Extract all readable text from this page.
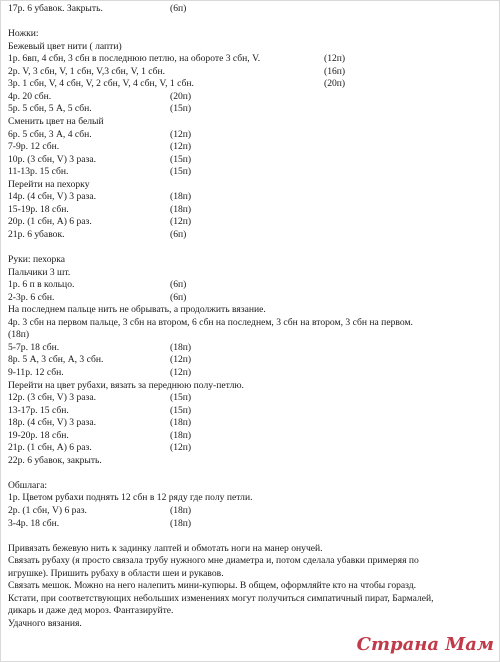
17р. 6 убавок. Закрыть.	(6п)
Ножки:
Бежевый цвет нити ( лапти)
1р. 6вп, 4 сбн, 3 сбн в последнюю петлю, на обороте 3 сбн, V.	(12п)
2р. V, 3 сбн, V, 1 сбн, V,3 сбн, V, 1 сбн.	(16п)
3р. 1 сбн, V, 4 сбн, V, 2 сбн, V, 4 сбн, V, 1 сбн.	(20п)
4р. 20 сбн.	(20п)
5р. 5 сбн, 5 А, 5 сбн.	(15п)
Сменить цвет на белый
6р. 5 сбн, 3 А, 4 сбн.	(12п)
7-9р. 12 сбн.	(12п)
10р. (3 сбн, V) 3 раза.	(15п)
11-13р. 15 сбн.	(15п)
Перейти на пехорку
14р. (4 сбн, V) 3 раза.	(18п)
15-19р. 18 сбн.	(18п)
20р. (1 сбн, А) 6 раз.	(12п)
21р. 6 убавок.	(6п)
Руки: пехорка
Пальчики 3 шт.
1р. 6 п в кольцо.	(6п)
2-3р. 6 сбн.	(6п)
На последнем пальце нить не обрывать, а продолжить вязание.
4р. 3 сбн на первом пальце, 3 сбн на втором, 6 сбн на последнем, 3 сбн на втором, 3 сбн на первом.
(18п)
5-7р. 18 сбн.	(18п)
8р. 5 А, 3 сбн, А, 3 сбн.	(12п)
9-11р. 12 сбн.	(12п)
Перейти на цвет рубахи, вязать за переднюю полу-петлю.
12р. (3 сбн, V) 3 раза.	(15п)
13-17р. 15 сбн.	(15п)
18р. (4 сбн, V) 3 раза.	(18п)
19-20р. 18 сбн.	(18п)
21р. (1 сбн, А) 6 раз.	(12п)
22р. 6 убавок, закрыть.
Обшлага:
1р. Цветом рубахи поднять 12 сбн в 12 ряду где полу петли.
2р. (1 сбн, V) 6 раз.	(18п)
3-4р. 18 сбн.	(18п)
Привязать бежевую нить к задинку лаптей и обмотать ноги на манер онучей.
Связать рубаху (я просто связала трубу нужного мне диаметра и, потом сделала убавки примеряя по
игрушке). Пришить рубаху в области шеи и рукавов.
Связать мешок. Можно на него налепить мини-купюры. В общем, оформляйте кто на чтобы горазд.
Кстати, при соответствующих небольших изменениях могут получиться симпатичный пират, Бармалей,
дикарь и даже дед мороз. Фантазируйте.
Удачного вязания.
Страна Мам
